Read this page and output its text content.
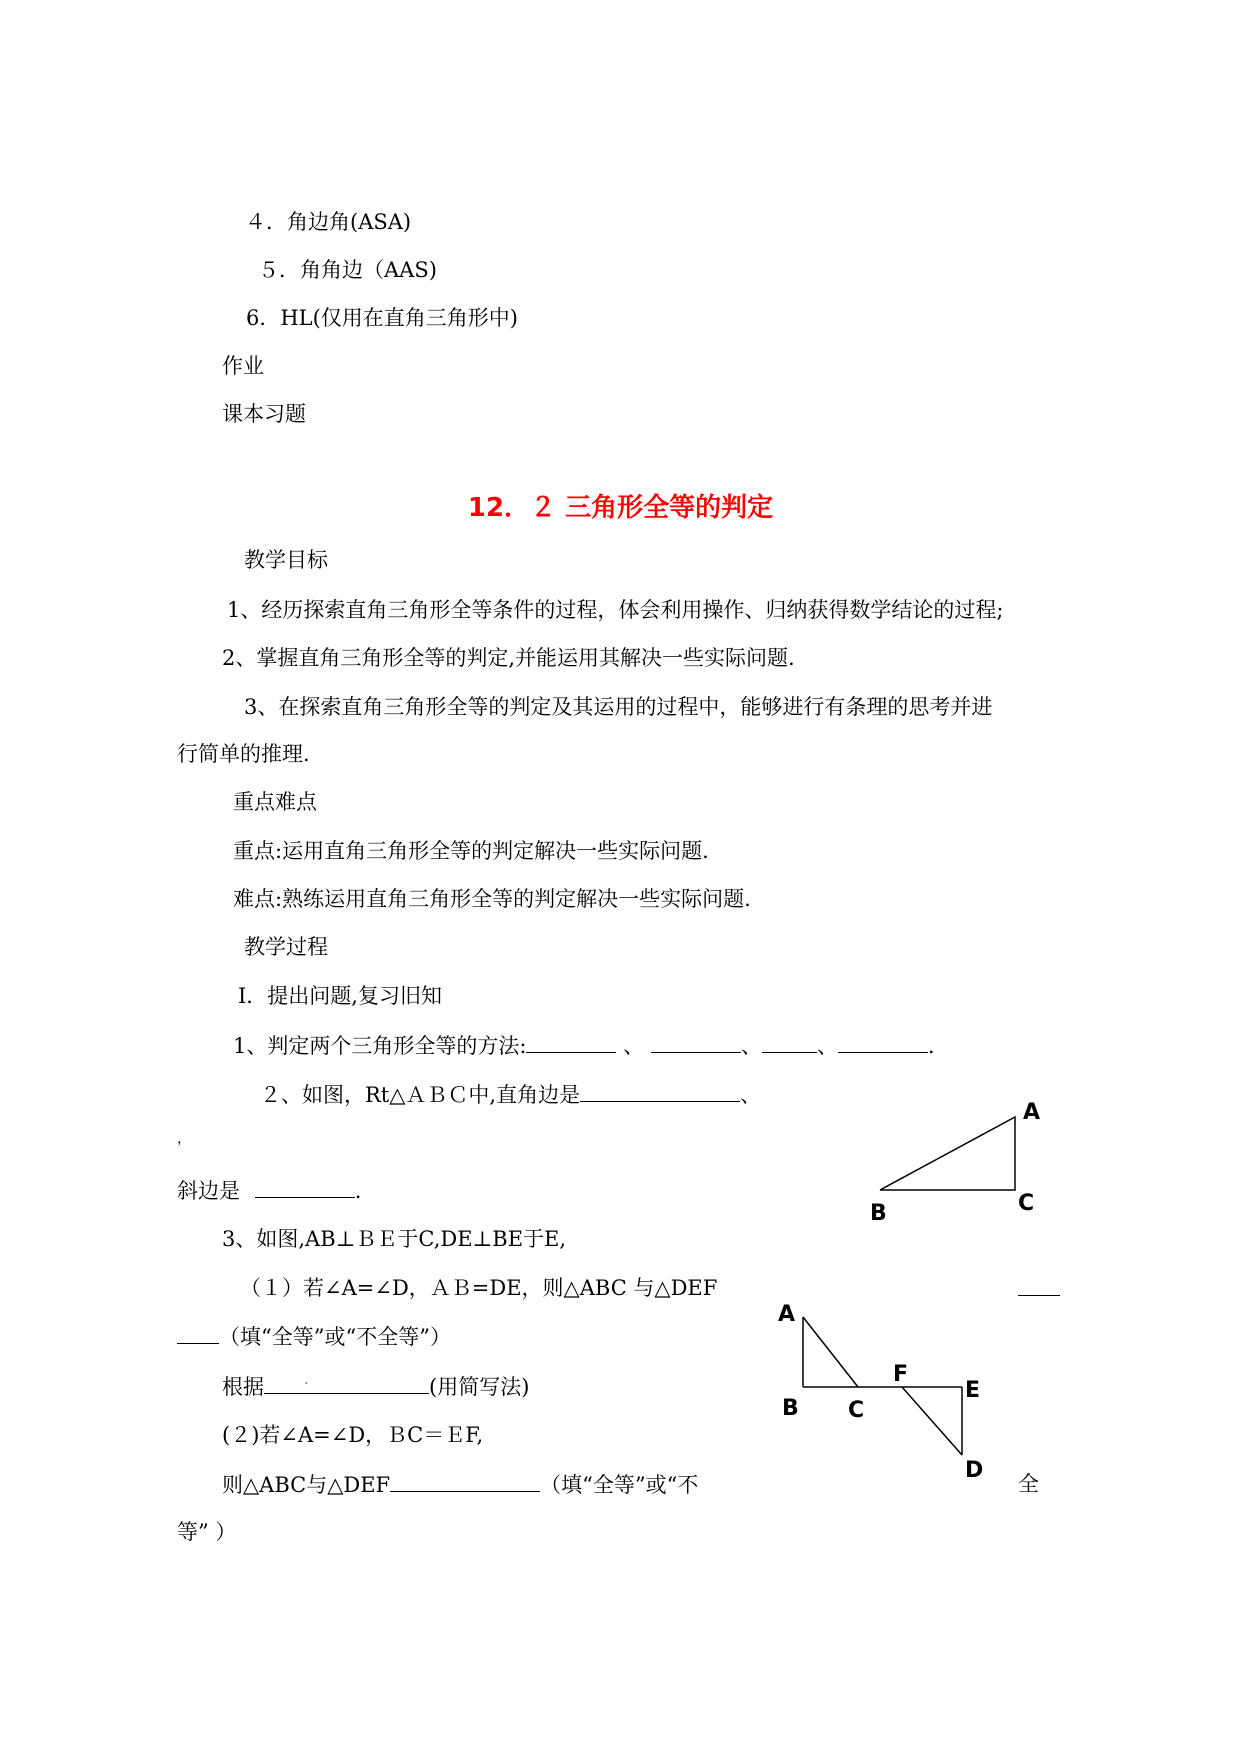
４．角边角(ASA)
５．角角边（AAS)
6．HL(仅用在直角三角形中)
作业
课本习题
12．２ 三角形全等的判定
教学目标
1、经历探索直角三角形全等条件的过程，体会利用操作、归纳获得数学结论的过程;
2、掌握直角三角形全等的判定,并能运用其解决一些实际问题.
3、在探索直角三角形全等的判定及其运用的过程中，能够进行有条理的思考并进
行简单的推理.
重点难点
重点:运用直角三角形全等的判定解决一些实际问题.
难点:熟练运用直角三角形全等的判定解决一些实际问题.
教学过程
Ⅰ．提出问题,复习旧知
1、判定两个三角形全等的方法:	、	、	、	.
２、如图，Rt△ＡＢＣ中,直角边是	、
，
斜边是	.
3、如图,AB⊥ＢＥ于C,DE⊥BE于E,
（１）若∠A=∠D，ＡＢ=DE，则△ABC 与△DEF
（填“全等”或“不全等”）
根据	.	(用简写法)
(２)若∠A=∠D，ＢC＝ＥF,
则△ABC与△DEF	（填“全等”或“不	全
等” ）
A
B	C
A
B C
F
E
D
